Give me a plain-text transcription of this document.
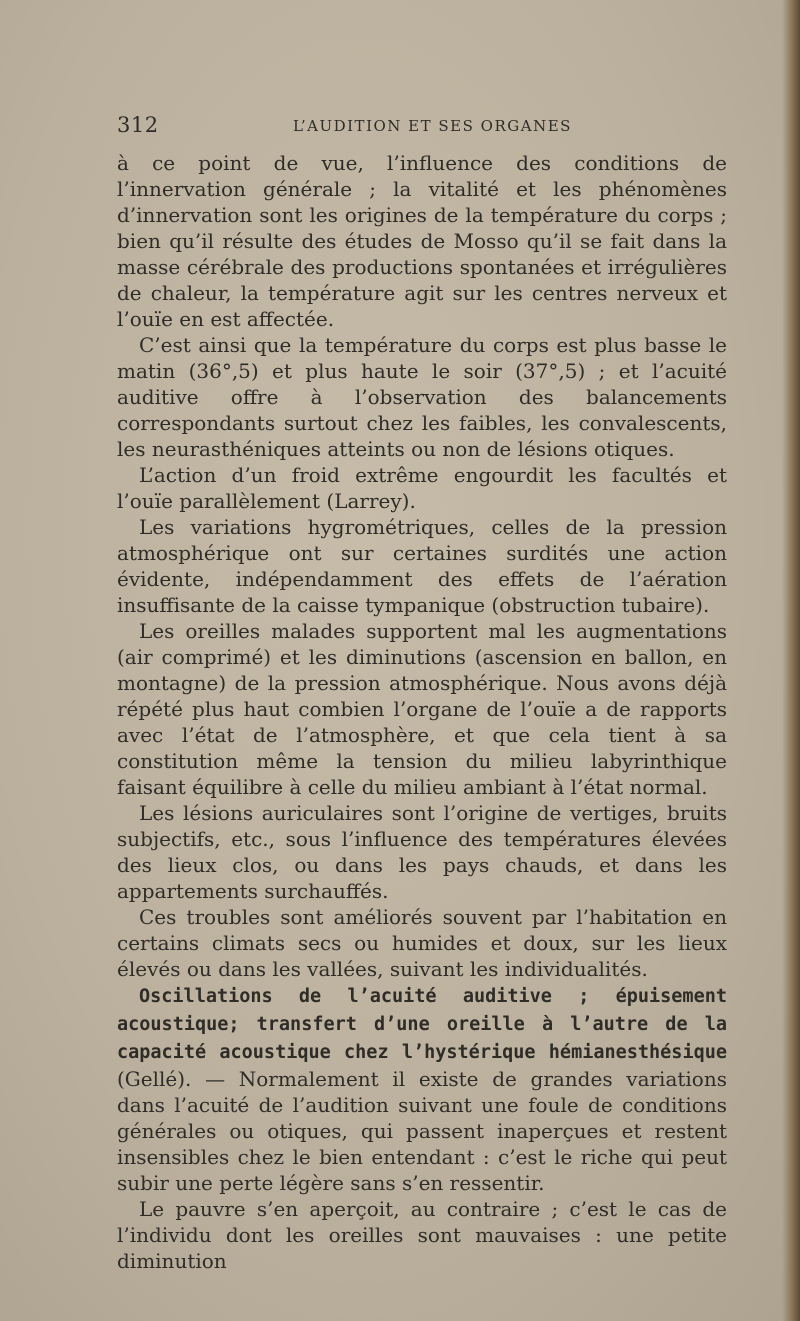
312	L’AUDITION ET SES ORGANES

à ce point de vue, l’influence des conditions de l’innervation générale ; la vitalité et les phénomènes d’innervation sont les origines de la température du corps ; bien qu’il résulte des études de Mosso qu’il se fait dans la masse cérébrale des productions spontanées et irrégulières de chaleur, la température agit sur les centres nerveux et l’ouïe en est affectée.

C’est ainsi que la température du corps est plus basse le matin (36°,5) et plus haute le soir (37°,5) ; et l’acuité auditive offre à l’observation des balancements correspondants surtout chez les faibles, les convalescents, les neurasthéniques atteints ou non de lésions otiques.

L’action d’un froid extrême engourdit les facultés et l’ouïe parallèlement (Larrey).

Les variations hygrométriques, celles de la pression atmosphérique ont sur certaines surdités une action évidente, indépendamment des effets de l’aération insuffisante de la caisse tympanique (obstruction tubaire).

Les oreilles malades supportent mal les augmentations (air comprimé) et les diminutions (ascension en ballon, en montagne) de la pression atmosphérique. Nous avons déjà répété plus haut combien l’organe de l’ouïe a de rapports avec l’état de l’atmosphère, et que cela tient à sa constitution même la tension du milieu labyrinthique faisant équilibre à celle du milieu ambiant à l’état normal.

Les lésions auriculaires sont l’origine de vertiges, bruits subjectifs, etc., sous l’influence des températures élevées des lieux clos, ou dans les pays chauds, et dans les appartements surchauffés.

Ces troubles sont améliorés souvent par l’habitation en certains climats secs ou humides et doux, sur les lieux élevés ou dans les vallées, suivant les individualités.

Oscillations de l’acuité auditive ; épuisement acoustique; transfert d’une oreille à l’autre de la capacité acoustique chez l’hystérique hémianesthésique (Gellé). — Normalement il existe de grandes variations dans l’acuité de l’audition suivant une foule de conditions générales ou otiques, qui passent inaperçues et restent insensibles chez le bien entendant : c’est le riche qui peut subir une perte légère sans s’en ressentir.

Le pauvre s’en aperçoit, au contraire ; c’est le cas de l’individu dont les oreilles sont mauvaises : une petite diminution
